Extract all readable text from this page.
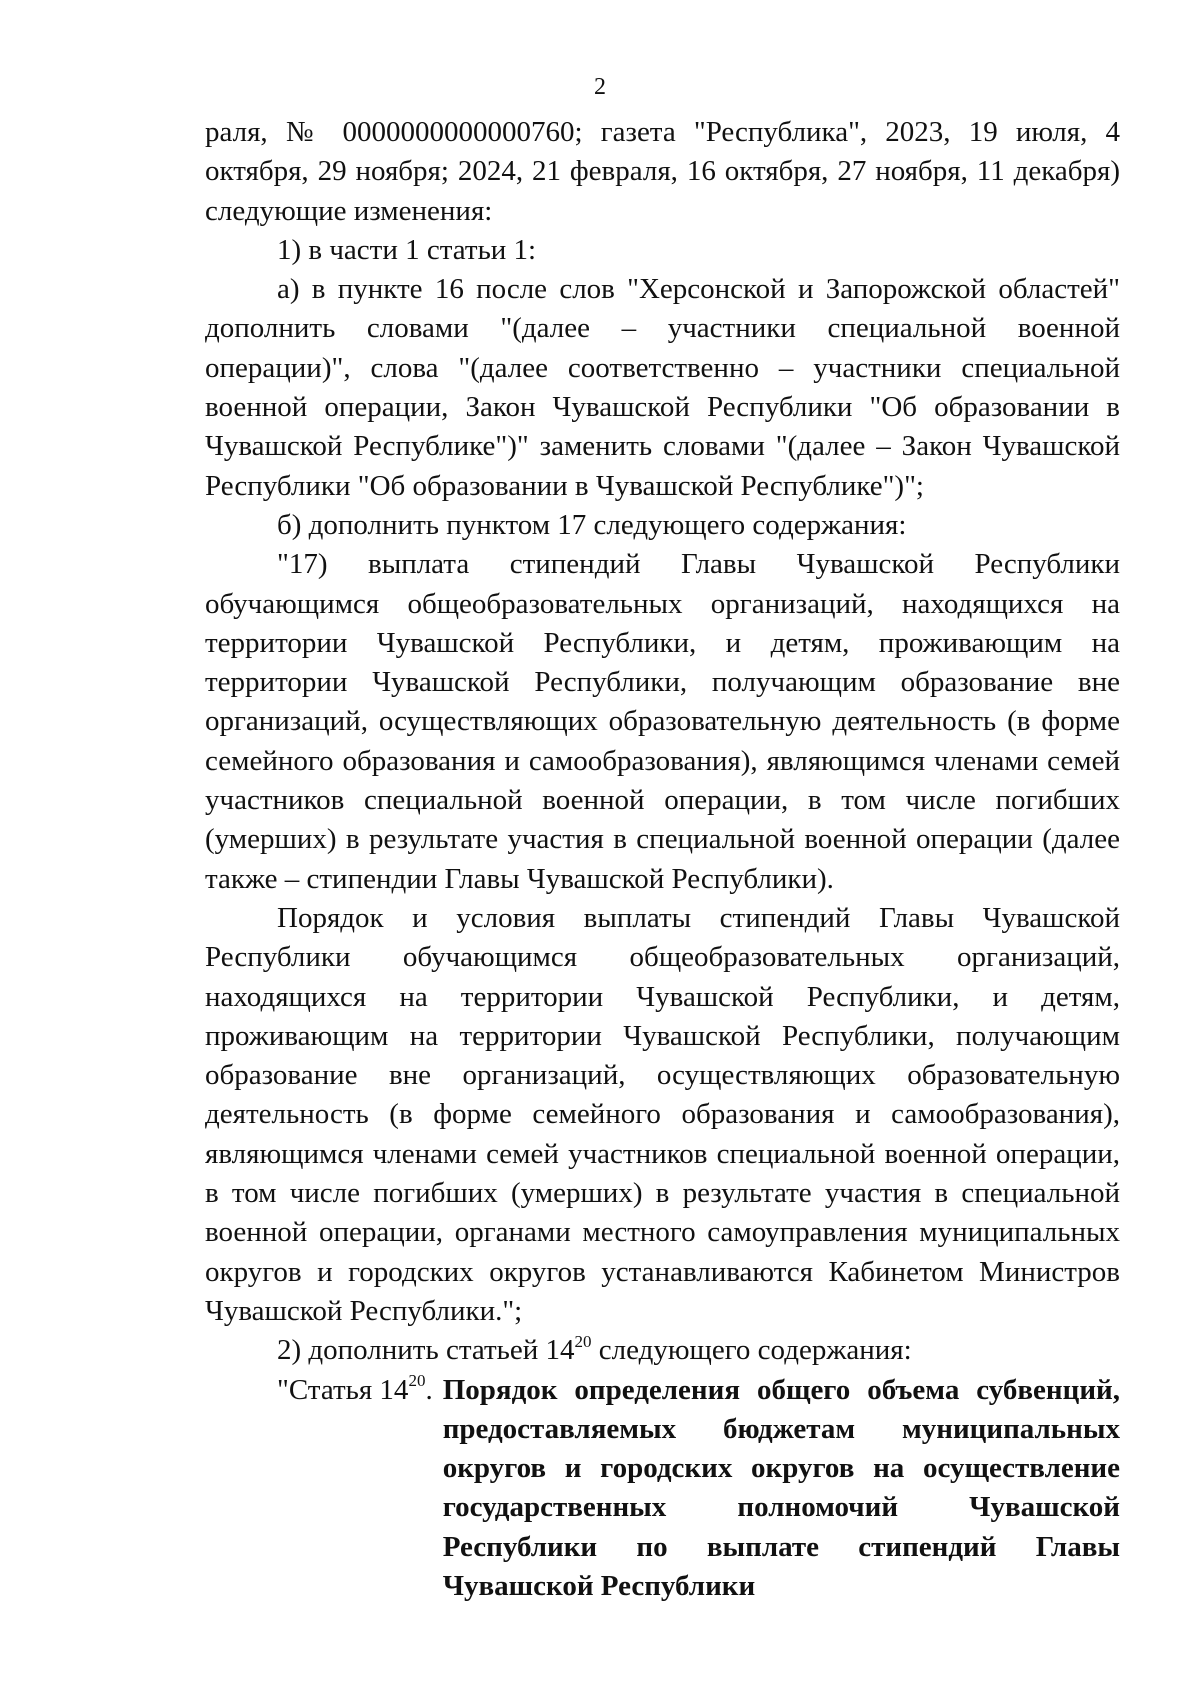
2

раля, № 0000000000000760; газета "Республика", 2023, 19 июля, 4 октября, 29 ноября; 2024, 21 февраля, 16 октября, 27 ноября, 11 декабря) следующие изменения:

1) в части 1 статьи 1:

а) в пункте 16 после слов "Херсонской и Запорожской областей" дополнить словами "(далее – участники специальной военной операции)", слова "(далее соответственно – участники специальной военной операции, Закон Чувашской Республики "Об образовании в Чувашской Республике")" заменить словами "(далее – Закон Чувашской Республики "Об образовании в Чувашской Республике")";

б) дополнить пунктом 17 следующего содержания:

"17) выплата стипендий Главы Чувашской Республики обучающимся общеобразовательных организаций, находящихся на территории Чувашской Республики, и детям, проживающим на территории Чувашской Республики, получающим образование вне организаций, осуществляющих образовательную деятельность (в форме семейного образования и самообразования), являющимся членами семей участников специальной военной операции, в том числе погибших (умерших) в результате участия в специальной военной операции (далее также – стипендии Главы Чувашской Республики).

Порядок и условия выплаты стипендий Главы Чувашской Республики обучающимся общеобразовательных организаций, находящихся на территории Чувашской Республики, и детям, проживающим на территории Чувашской Республики, получающим образование вне организаций, осуществляющих образовательную деятельность (в форме семейного образования и самообразования), являющимся членами семей участников специальной военной операции, в том числе погибших (умерших) в результате участия в специальной военной операции, органами местного самоуправления муниципальных округов и городских округов устанавливаются Кабинетом Министров Чувашской Республики.";

2) дополнить статьей $14^{20}$ следующего содержания:

"Статья $14^{20}$. Порядок определения общего объема субвенций, предоставляемых бюджетам муниципальных округов и городских округов на осуществление государственных полномочий Чувашской Республики по выплате стипендий Главы Чувашской Республики
